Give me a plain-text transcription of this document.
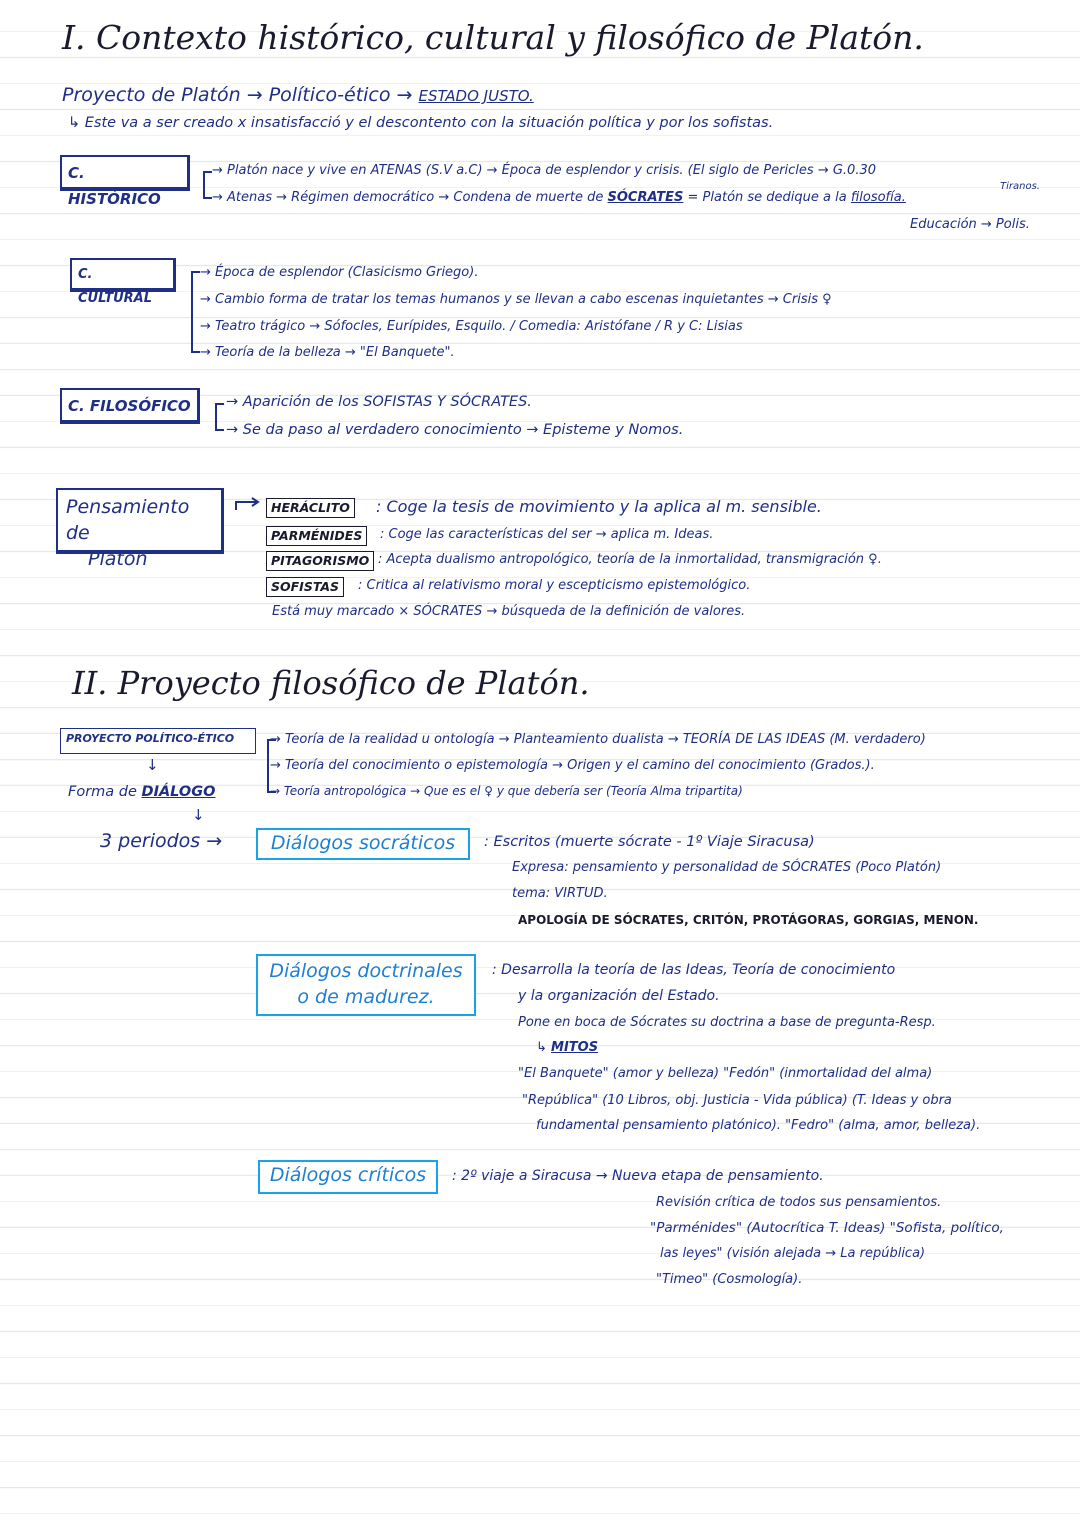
I. Contexto histórico, cultural y filosófico de Platón.
Proyecto de Platón → Político-ético → ESTADO JUSTO.
↳ Este va a ser creado x insatisfacció y el descontento con la situación política y por los sofistas.
C. HISTÓRICO
→ Platón nace y vive en ATENAS (S.V a.C) → Época de esplendor y crisis. (El siglo de Pericles → G.0.30
Tiranos.
→ Atenas → Régimen democrático → Condena de muerte de SÓCRATES = Platón se dedique a la filosofía.
Educación → Polis.
C. CULTURAL
→ Época de esplendor (Clasicismo Griego).
→ Cambio forma de tratar los temas humanos y se llevan a cabo escenas inquietantes → Crisis ♀
→ Teatro trágico → Sófocles, Eurípides, Esquilo. / Comedia: Aristófane / R y C: Lisias
→ Teoría de la belleza → "El Banquete".
C. FILOSÓFICO	→ Aparición de los SOFISTAS Y SÓCRATES.
→ Se da paso al verdadero conocimiento → Episteme y Nomos.
Pensamiento de
Platón
HERÁCLITO	: Coge la tesis de movimiento y la aplica al m. sensible.
PARMÉNIDES	: Coge las características del ser → aplica m. Ideas.
PITAGORISMO : Acepta dualismo antropológico, teoría de la inmortalidad, transmigración ♀.
SOFISTAS	: Critica al relativismo moral y escepticismo epistemológico.
Está muy marcado × SÓCRATES → búsqueda de la definición de valores.
II. Proyecto filosófico de Platón.
PROYECTO POLÍTICO-ÉTICO
↓
Forma de DIÁLOGO
↓
→ Teoría de la realidad u ontología → Planteamiento dualista → TEORÍA DE LAS IDEAS (M. verdadero)
→ Teoría del conocimiento o epistemología → Origen y el camino del conocimiento (Grados.).
→ Teoría antropológica → Que es el ♀ y que debería ser (Teoría Alma tripartita)
3 periodos →	Diálogos socráticos	: Escritos (muerte sócrate - 1º Viaje Siracusa)
Expresa: pensamiento y personalidad de SÓCRATES (Poco Platón)
tema: VIRTUD.
APOLOGÍA DE SÓCRATES, CRITÓN, PROTÁGORAS, GORGIAS, MENON.
Diálogos doctrinales
o de madurez.
: Desarrolla la teoría de las Ideas, Teoría de conocimiento
y la organización del Estado.
Pone en boca de Sócrates su doctrina a base de pregunta-Resp.
↳ MITOS
"El Banquete" (amor y belleza) "Fedón" (inmortalidad del alma)
"República" (10 Libros, obj. Justicia - Vida pública) (T. Ideas y obra
fundamental pensamiento platónico). "Fedro" (alma, amor, belleza).
Diálogos críticos	: 2º viaje a Siracusa → Nueva etapa de pensamiento.
Revisión crítica de todos sus pensamientos.
"Parménides" (Autocrítica T. Ideas) "Sofista, político,
las leyes" (visión alejada → La república)
"Timeo" (Cosmología).
